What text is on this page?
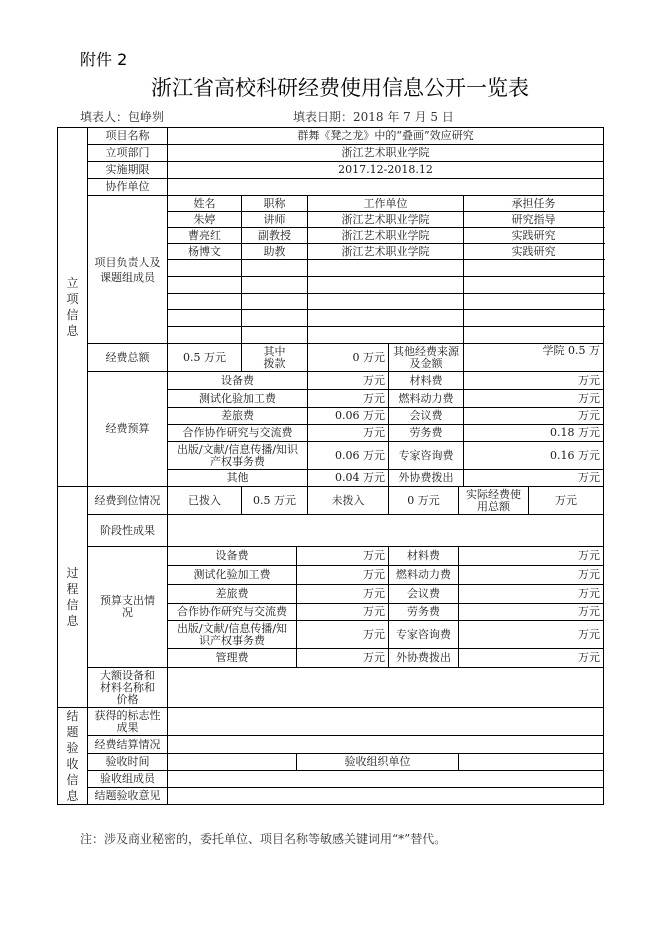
附件 2
浙江省高校科研经费使用信息公开一览表
填表人：包峥刿	填表日期：2018 年 7 月 5 日
立项信息	项目名称	群舞《凳之龙》中的“叠画”效应研究							
	立项部门	浙江艺术职业学院							
	实施期限	2017.12-2018.12							
	协作单位								
	项目负责人及课题组成员	姓名	职称		工作单位			承担任务	
		朱婷	讲师		浙江艺术职业学院			研究指导	
		曹亮红	副教授		浙江艺术职业学院			实践研究	
		杨博文	助教		浙江艺术职业学院			实践研究	

	经费总额	0.5 万元	其中拨款		0 万元	其他经费来源及金额		学院 0.5 万	
	经费预算	设备费			万元	材料费		万元	
		测试化验加工费			万元	燃料动力费		万元	
		差旅费			0.06 万元	会议费		万元	
		合作协作研究与交流费			万元	劳务费		0.18 万元	
		出版/文献/信息传播/知识产权事务费			0.06 万元	专家咨询费		0.16 万元	
		其他			0.04 万元	外协费拨出		万元	
过程信息	经费到位情况	已拨入	0.5 万元		未拨入	0 万元	实际经费使用总额		万元
	阶段性成果								
	预算支出情况	设备费		万元		材料费	万元		
		测试化验加工费		万元		燃料动力费	万元		
		差旅费		万元		会议费	万元		
		合作协作研究与交流费		万元		劳务费	万元		
		出版/文献/信息传播/知识产权事务费		万元		专家咨询费	万元		
		管理费		万元		外协费拨出	万元		
	大额设备和材料名称和价格								
结题验收信息	获得的标志性成果								
	经费结算情况								
	验收时间			验收组织单位					
	验收组成员								
	结题验收意见								
注：涉及商业秘密的，委托单位、项目名称等敏感关键词用“*”替代。
